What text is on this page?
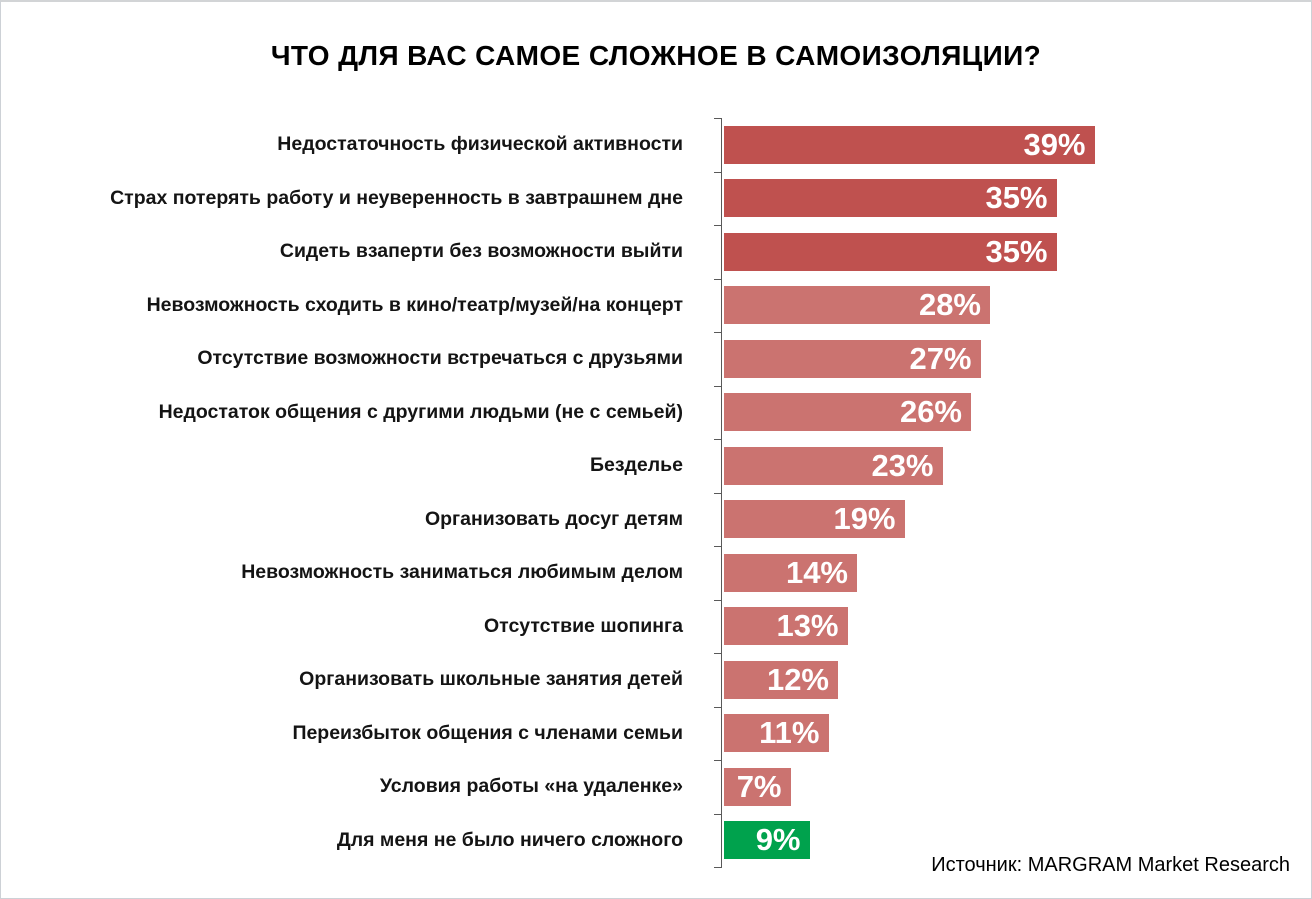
ЧТО ДЛЯ ВАС САМОЕ СЛОЖНОЕ В САМОИЗОЛЯЦИИ?
Недостаточность физической активности	39%
Страх потерять работу и неуверенность в завтрашнем дне	35%
Сидеть взаперти без возможности выйти	35%
Невозможность сходить в кино/театр/музей/на концерт	28%
Отсутствие возможности встречаться с друзьями	27%
Недостаток общения с другими людьми (не с семьей)	26%
Безделье	23%
Организовать досуг детям	19%
Невозможность заниматься любимым делом	14%
Отсутствие шопинга	13%
Организовать школьные занятия детей	12%
Переизбыток общения с членами семьи	11%
Условия работы «на удаленке»	7%
Для меня не было ничего сложного	9%
Источник: MARGRAM Market Research
